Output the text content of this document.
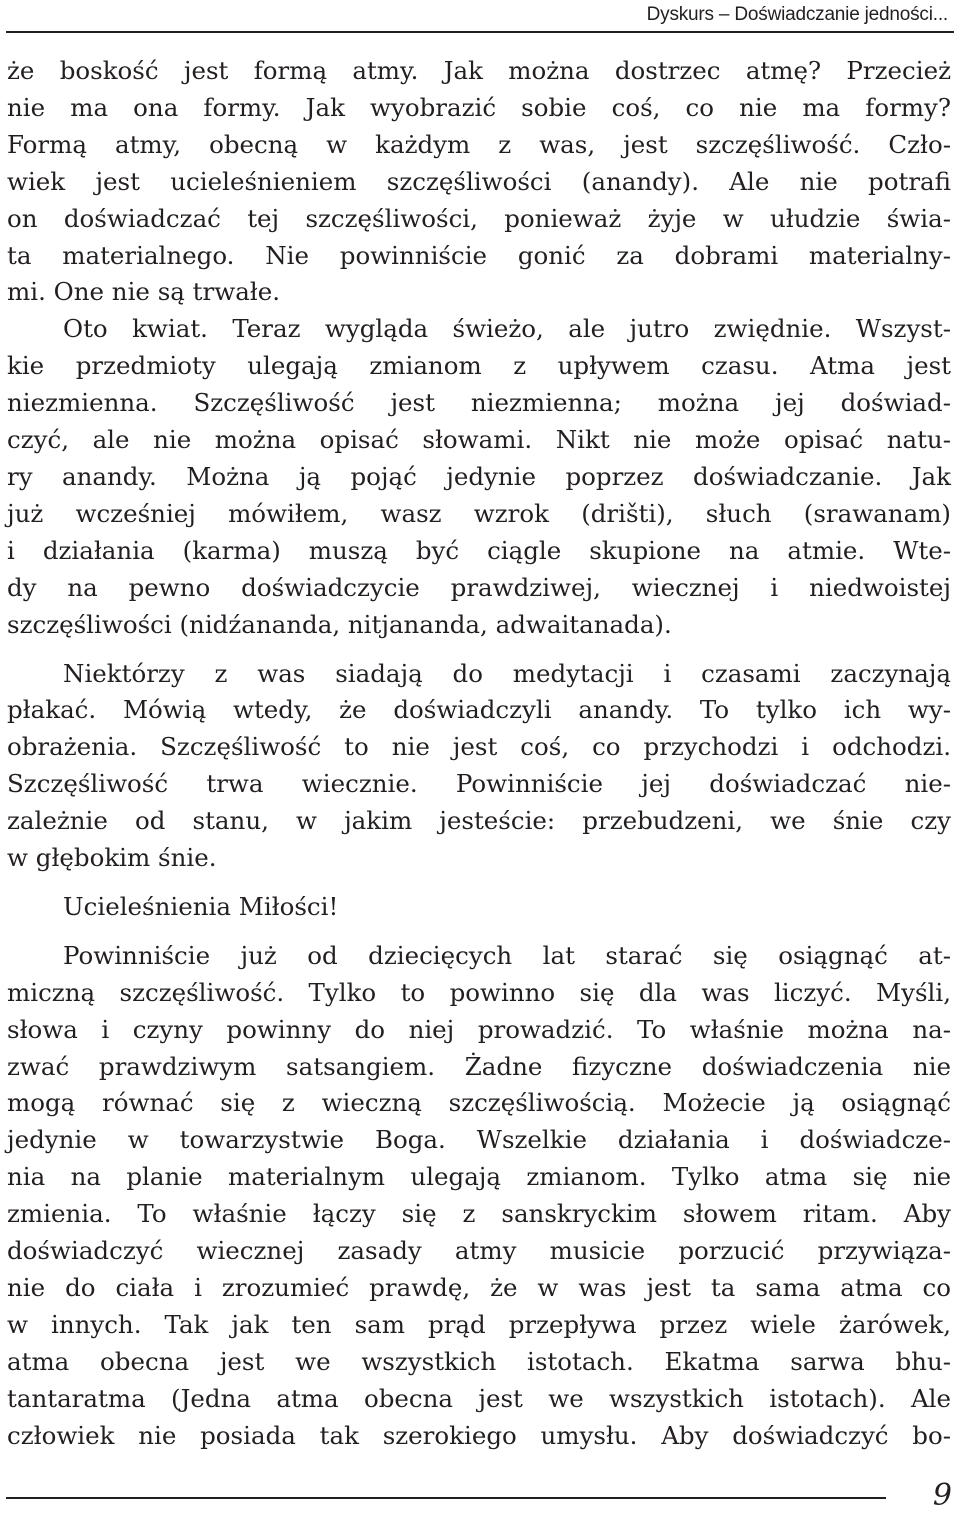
Dyskurs – Doświadczanie jedności...

że boskość jest formą atmy. Jak można dostrzec atmę? Przecież
nie ma ona formy. Jak wyobrazić sobie coś, co nie ma formy?
Formą atmy, obecną w każdym z was, jest szczęśliwość. Czło-
wiek jest ucieleśnieniem szczęśliwości (anandy). Ale nie potrafi
on doświadczać tej szczęśliwości, ponieważ żyje w ułudzie świa-
ta materialnego. Nie powinniście gonić za dobrami materialny-
mi. One nie są trwałe.

Oto kwiat. Teraz wygląda świeżo, ale jutro zwiędnie. Wszyst-
kie przedmioty ulegają zmianom z upływem czasu. Atma jest
niezmienna. Szczęśliwość jest niezmienna; można jej doświad-
czyć, ale nie można opisać słowami. Nikt nie może opisać natu-
ry anandy. Można ją pojąć jedynie poprzez doświadczanie. Jak
już wcześniej mówiłem, wasz wzrok (drišti), słuch (srawanam)
i działania (karma) muszą być ciągle skupione na atmie. Wte-
dy na pewno doświadczycie prawdziwej, wiecznej i niedwoistej
szczęśliwości (nidźananda, nitjananda, adwaitanada).

Niektórzy z was siadają do medytacji i czasami zaczynają
płakać. Mówią wtedy, że doświadczyli anandy. To tylko ich wy-
obrażenia. Szczęśliwość to nie jest coś, co przychodzi i odchodzi.
Szczęśliwość trwa wiecznie. Powinniście jej doświadczać nie-
zależnie od stanu, w jakim jesteście: przebudzeni, we śnie czy
w głębokim śnie.

Ucieleśnienia Miłości!

Powinniście już od dziecięcych lat starać się osiągnąć at-
miczną szczęśliwość. Tylko to powinno się dla was liczyć. Myśli,
słowa i czyny powinny do niej prowadzić. To właśnie można na-
zwać prawdziwym satsangiem. Żadne fizyczne doświadczenia nie
mogą równać się z wieczną szczęśliwością. Możecie ją osiągnąć
jedynie w towarzystwie Boga. Wszelkie działania i doświadcze-
nia na planie materialnym ulegają zmianom. Tylko atma się nie
zmienia. To właśnie łączy się z sanskryckim słowem ritam. Aby
doświadczyć wiecznej zasady atmy musicie porzucić przywiąza-
nie do ciała i zrozumieć prawdę, że w was jest ta sama atma co
w innych. Tak jak ten sam prąd przepływa przez wiele żarówek,
atma obecna jest we wszystkich istotach. Ekatma sarwa bhu-
tantaratma (Jedna atma obecna jest we wszystkich istotach). Ale
człowiek nie posiada tak szerokiego umysłu. Aby doświadczyć bo-

9
